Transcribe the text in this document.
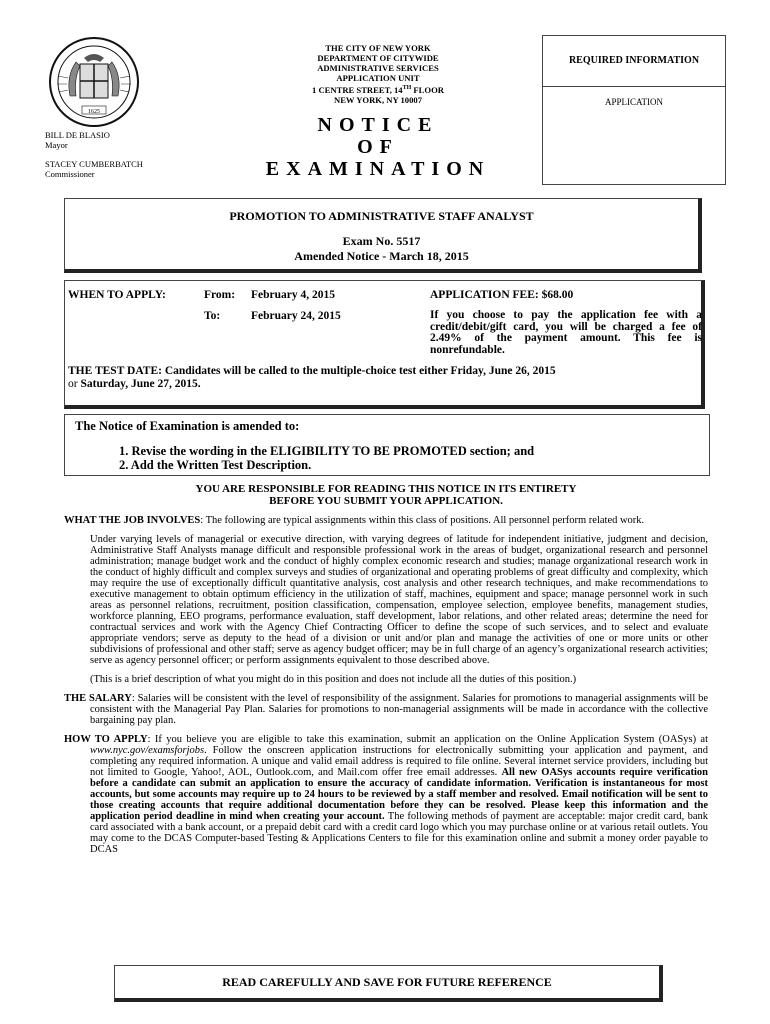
1625
BILL DE BLASIO
Mayor
STACEY CUMBERBATCH
Commissioner
THE CITY OF NEW YORK
DEPARTMENT OF CITYWIDE
ADMINISTRATIVE SERVICES
APPLICATION UNIT
1 CENTRE STREET, 14TH FLOOR
NEW YORK, NY 10007
NOTICE
OF
EXAMINATION
REQUIRED INFORMATION
APPLICATION
PROMOTION TO ADMINISTRATIVE STAFF ANALYST
Exam No. 5517
Amended Notice - March 18, 2015
WHEN TO APPLY:	From: February 4, 2015
To:	February 24, 2015
APPLICATION FEE: $68.00
If you choose to pay the application fee with a credit/debit/gift card, you will be charged a fee of 2.49% of the payment amount. This fee is nonrefundable.
THE TEST DATE: Candidates will be called to the multiple-choice test either Friday, June 26, 2015
or Saturday, June 27, 2015.
The Notice of Examination is amended to:
1. Revise the wording in the ELIGIBILITY TO BE PROMOTED section; and
2. Add the Written Test Description.
YOU ARE RESPONSIBLE FOR READING THIS NOTICE IN ITS ENTIRETY
BEFORE YOU SUBMIT YOUR APPLICATION.

WHAT THE JOB INVOLVES: The following are typical assignments within this class of positions. All personnel perform related work.

Under varying levels of managerial or executive direction, with varying degrees of latitude for independent initiative, judgment and decision, Administrative Staff Analysts manage difficult and responsible professional work in the areas of budget, organizational research and personnel administration; manage budget work and the conduct of highly complex economic research and studies; manage organizational research work in the conduct of highly difficult and complex surveys and studies of organizational and operating problems of great difficulty and complexity, which may require the use of exceptionally difficult quantitative analysis, cost analysis and other research techniques, and make recommendations to executive management to obtain optimum efficiency in the utilization of staff, machines, equipment and space; manage personnel work in such areas as personnel relations, recruitment, position classification, compensation, employee selection, employee benefits, management studies, workforce planning, EEO programs, performance evaluation, staff development, labor relations, and other related areas; determine the need for contractual services and work with the Agency Chief Contracting Officer to define the scope of such services, and to select and evaluate appropriate vendors; serve as deputy to the head of a division or unit and/or plan and manage the activities of one or more units or other subdivisions of professional and other staff; serve as agency budget officer; may be in full charge of an agency’s organizational research activities; serve as agency personnel officer; or perform assignments equivalent to those described above.

(This is a brief description of what you might do in this position and does not include all the duties of this position.)

THE SALARY: Salaries will be consistent with the level of responsibility of the assignment. Salaries for promotions to managerial assignments will be consistent with the Managerial Pay Plan. Salaries for promotions to non-managerial assignments will be made in accordance with the collective bargaining pay plan.

HOW TO APPLY: If you believe you are eligible to take this examination, submit an application on the Online Application System (OASys) at www.nyc.gov/examsforjobs. Follow the onscreen application instructions for electronically submitting your application and payment, and completing any required information. A unique and valid email address is required to file online. Several internet service providers, including but not limited to Google, Yahoo!, AOL, Outlook.com, and Mail.com offer free email addresses. All new OASys accounts require verification before a candidate can submit an application to ensure the accuracy of candidate information. Verification is instantaneous for most accounts, but some accounts may require up to 24 hours to be reviewed by a staff member and resolved. Email notification will be sent to those creating accounts that require additional documentation before they can be resolved. Please keep this information and the application period deadline in mind when creating your account. The following methods of payment are acceptable: major credit card, bank card associated with a bank account, or a prepaid debit card with a credit card logo which you may purchase online or at various retail outlets. You may come to the DCAS Computer-based Testing & Applications Centers to file for this examination online and submit a money order payable to DCAS

READ CAREFULLY AND SAVE FOR FUTURE REFERENCE
